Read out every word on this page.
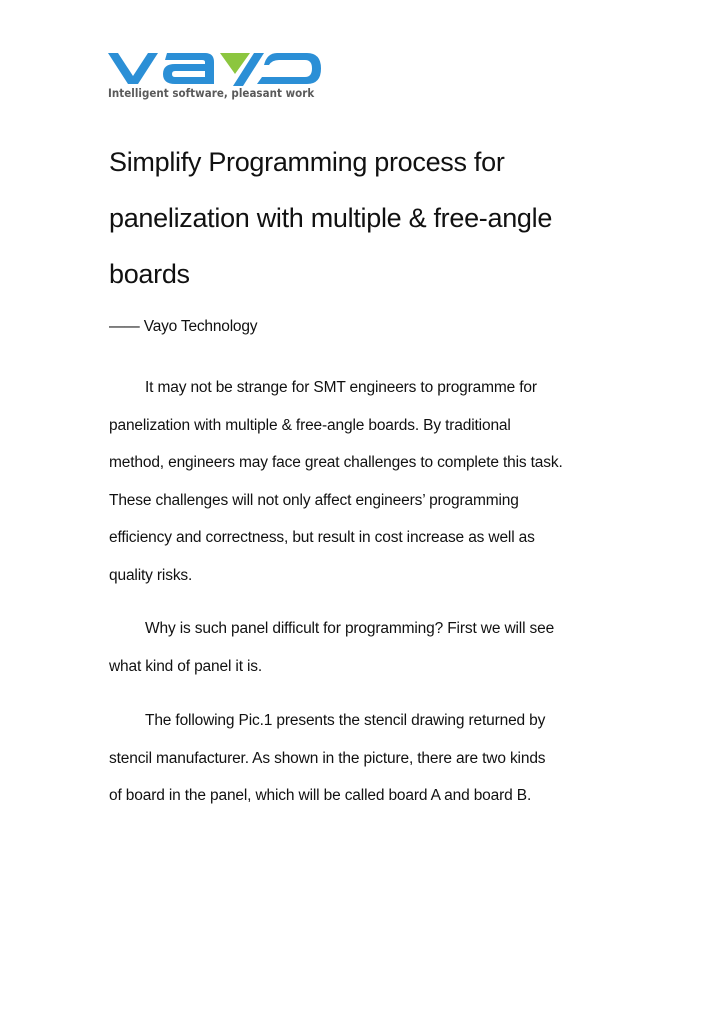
Intelligent software, pleasant work
Simplify Programming process for
panelization with multiple & free-angle
boards
—— Vayo Technology

It may not be strange for SMT engineers to programme for
panelization with multiple & free-angle boards. By traditional
method, engineers may face great challenges to complete this task.
These challenges will not only affect engineers’ programming
efficiency and correctness, but result in cost increase as well as
quality risks.

Why is such panel difficult for programming? First we will see
what kind of panel it is.

The following Pic.1 presents the stencil drawing returned by
stencil manufacturer. As shown in the picture, there are two kinds
of board in the panel, which will be called board A and board B.
